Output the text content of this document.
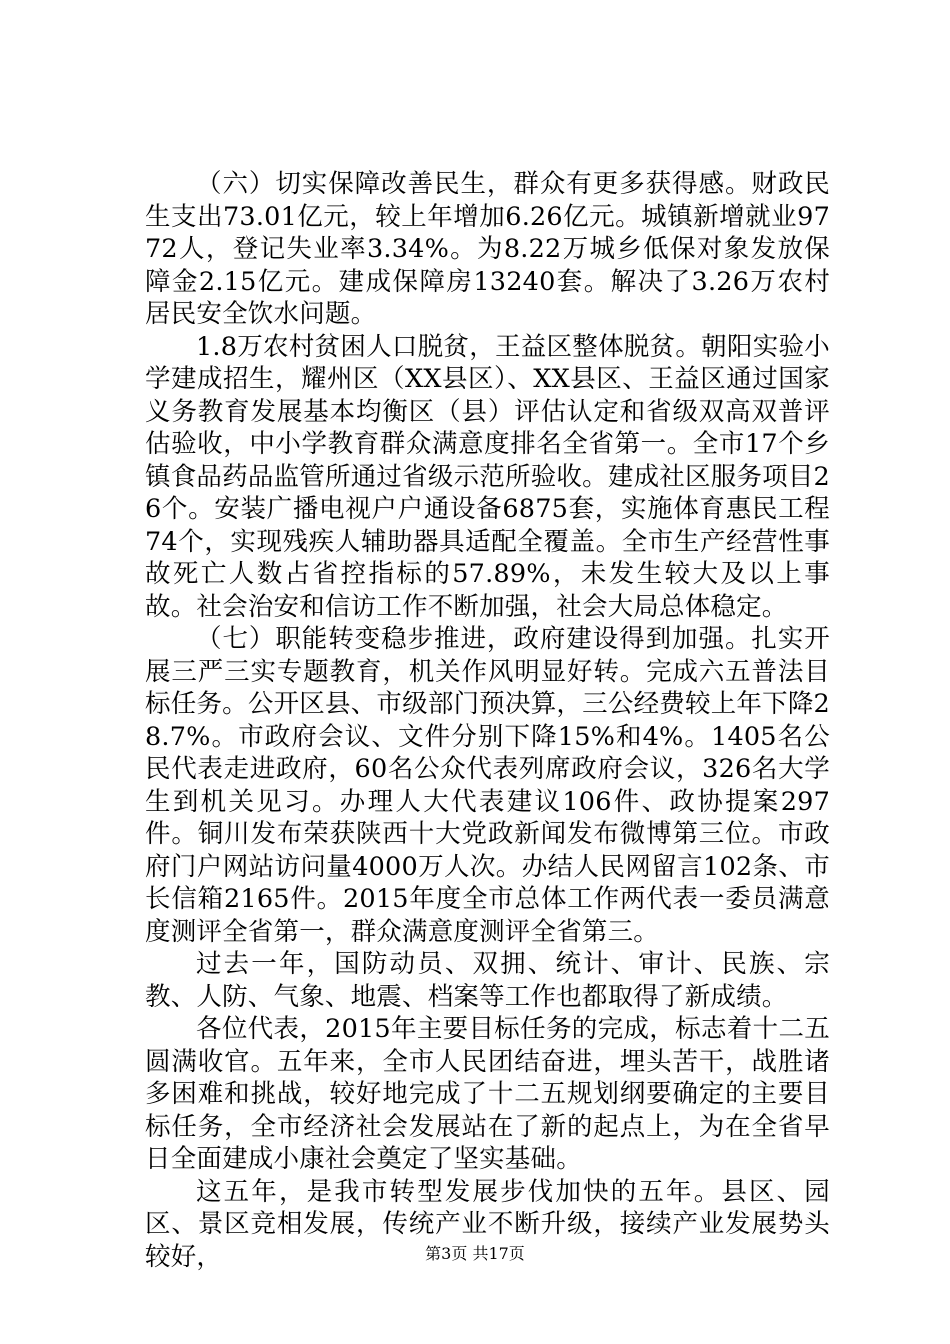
（六）切实保障改善民生，群众有更多获得感。财政民生支出73.01亿元，较上年增加6.26亿元。城镇新增就业9772人，登记失业率3.34%。为8.22万城乡低保对象发放保障金2.15亿元。建成保障房13240套。解决了3.26万农村居民安全饮水问题。

1.8万农村贫困人口脱贫，王益区整体脱贫。朝阳实验小学建成招生，耀州区（XX县区）、XX县区、王益区通过国家义务教育发展基本均衡区（县）评估认定和省级双高双普评估验收，中小学教育群众满意度排名全省第一。全市17个乡镇食品药品监管所通过省级示范所验收。建成社区服务项目26个。安装广播电视户户通设备6875套，实施体育惠民工程74个，实现残疾人辅助器具适配全覆盖。全市生产经营性事故死亡人数占省控指标的57.89%，未发生较大及以上事故。社会治安和信访工作不断加强，社会大局总体稳定。

（七）职能转变稳步推进，政府建设得到加强。扎实开展三严三实专题教育，机关作风明显好转。完成六五普法目标任务。公开区县、市级部门预决算，三公经费较上年下降28.7%。市政府会议、文件分别下降15%和4%。1405名公民代表走进政府，60名公众代表列席政府会议，326名大学生到机关见习。办理人大代表建议106件、政协提案297件。铜川发布荣获陕西十大党政新闻发布微博第三位。市政府门户网站访问量4000万人次。办结人民网留言102条、市长信箱2165件。2015年度全市总体工作两代表一委员满意度测评全省第一，群众满意度测评全省第三。

过去一年，国防动员、双拥、统计、审计、民族、宗教、人防、气象、地震、档案等工作也都取得了新成绩。

各位代表，2015年主要目标任务的完成，标志着十二五圆满收官。五年来，全市人民团结奋进，埋头苦干，战胜诸多困难和挑战，较好地完成了十二五规划纲要确定的主要目标任务，全市经济社会发展站在了新的起点上，为在全省早日全面建成小康社会奠定了坚实基础。

这五年，是我市转型发展步伐加快的五年。县区、园区、景区竞相发展，传统产业不断升级，接续产业发展势头较好，	第3页 共17页
